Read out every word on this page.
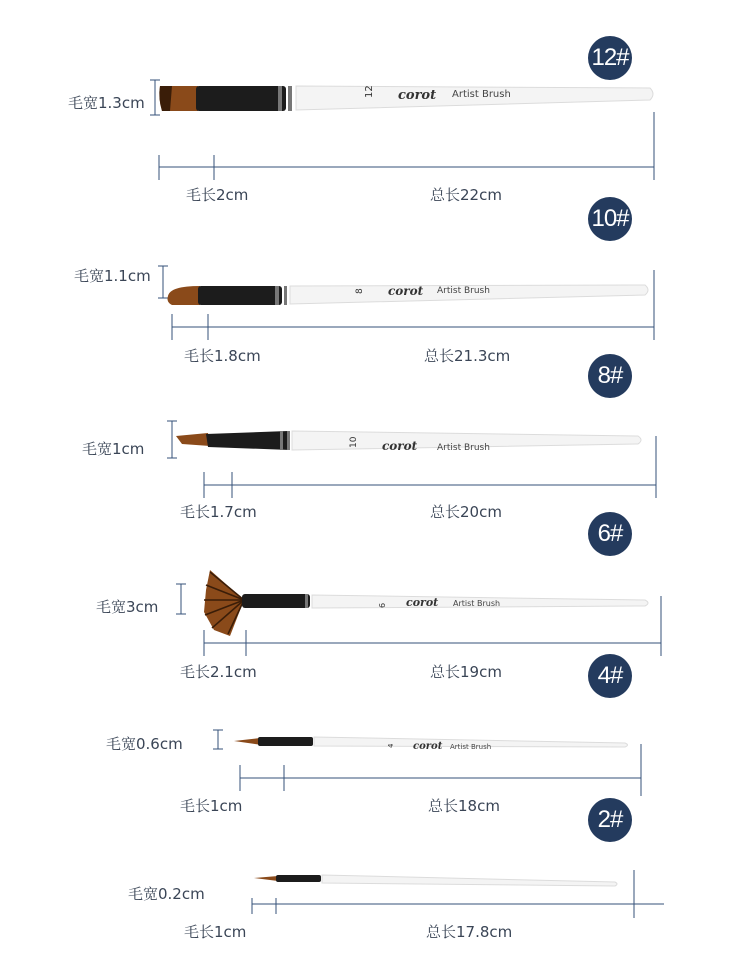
12#
毛宽1.3cm
12 corot Artist Brush
毛长2cm	总长22cm
10#
毛宽1.1cm
8 corot Artist Brush
毛长1.8cm	总长21.3cm
8#
毛宽1cm	10 corot Artist Brush
毛长1.7cm	总长20cm
6#
毛宽3cm	6 corot Artist Brush
毛长2.1cm	总长19cm	4#
毛宽0.6cm	4 corot Artist Brush
毛长1cm	总长18cm	2#
毛宽0.2cm
毛长1cm	总长17.8cm
